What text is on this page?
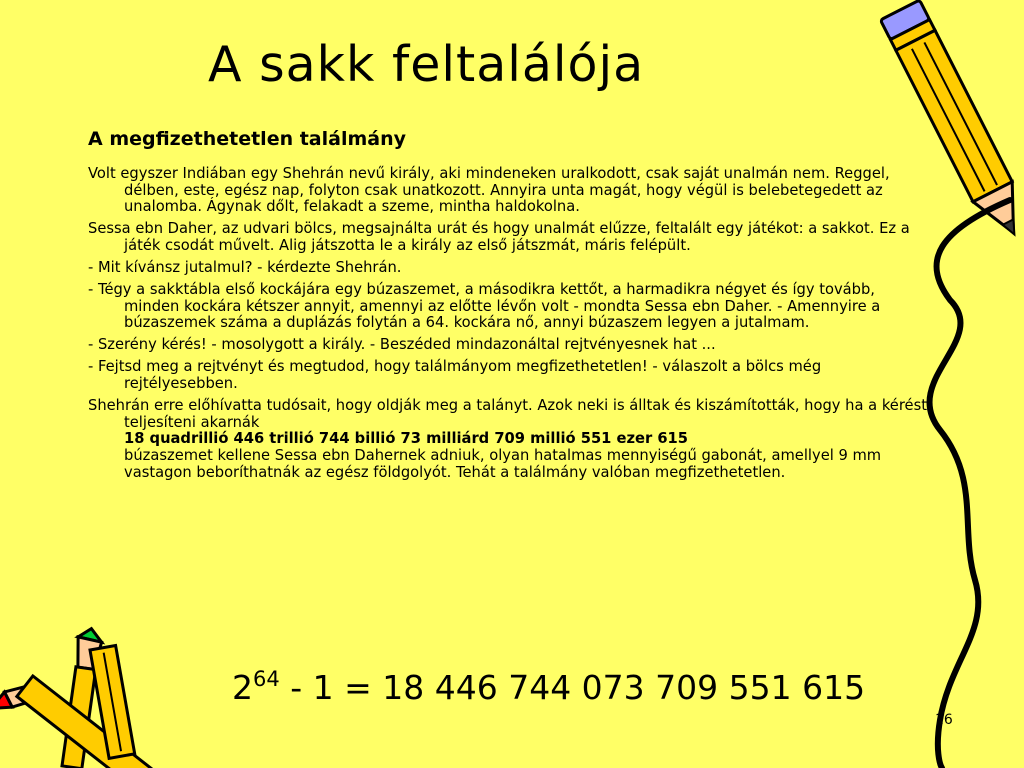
A sakk feltalálója
A megfizethetetlen találmány

Volt egyszer Indiában egy Shehrán nevű király, aki mindeneken uralkodott, csak saját unalmán nem. Reggel, délben, este, egész nap, folyton csak unatkozott. Annyira unta magát, hogy végül is belebetegedett az unalomba. Ágynak dőlt, felakadt a szeme, mintha haldokolna.

Sessa ebn Daher, az udvari bölcs, megsajnálta urát és hogy unalmát elűzze, feltalált egy játékot: a sakkot. Ez a játék csodát művelt. Alig játszotta le a király az első játszmát, máris felépült.

- Mit kívánsz jutalmul? - kérdezte Shehrán.

- Tégy a sakktábla első kockájára egy búzaszemet, a másodikra kettőt, a harmadikra négyet és így tovább, minden kockára kétszer annyit, amennyi az előtte lévőn volt - mondta Sessa ebn Daher. - Amennyire a búzaszemek száma a duplázás folytán a 64. kockára nő, annyi búzaszem legyen a jutalmam.

- Szerény kérés! - mosolygott a király. - Beszéded mindazonáltal rejtvényesnek hat ...

- Fejtsd meg a rejtvényt és megtudod, hogy találmányom megfizethetetlen! - válaszolt a bölcs még rejtélyesebben.

Shehrán erre előhívatta tudósait, hogy oldják meg a talányt. Azok neki is álltak és kiszámították, hogy ha a kérést teljesíteni akarnák
18 quadrillió 446 trillió 744 billió 73 milliárd 709 millió 551 ezer 615
búzaszemet kellene Sessa ebn Dahernek adniuk, olyan hatalmas mennyiségű gabonát, amellyel 9 mm vastagon beboríthatnák az egész földgolyót. Tehát a találmány valóban megfizethetetlen.

$2^{64} - 1 = 18$ 446 744 073 709 551 615
16
